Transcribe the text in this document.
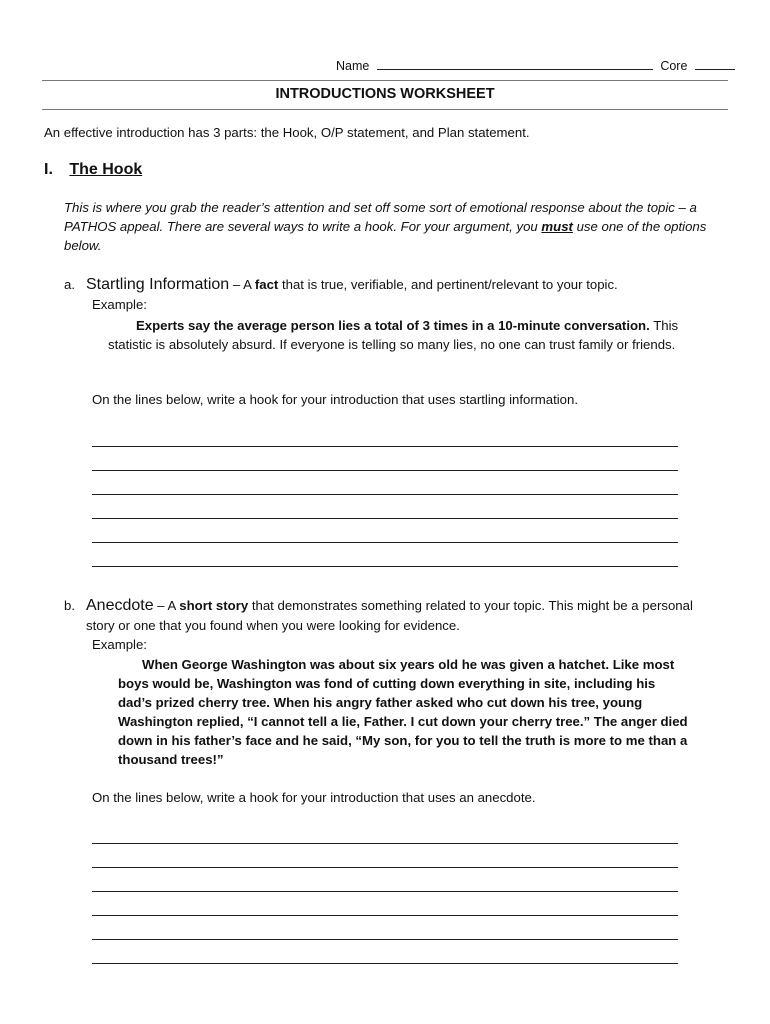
Name	Core
INTRODUCTIONS WORKSHEET
An effective introduction has 3 parts: the Hook, O/P statement, and Plan statement.
I. The Hook
This is where you grab the reader’s attention and set off some sort of emotional response about the topic – a PATHOS appeal. There are several ways to write a hook. For your argument, you must use one of the options below.
a. Startling Information – A fact that is true, verifiable, and pertinent/relevant to your topic.
Example:
Experts say the average person lies a total of 3 times in a 10-minute conversation. This statistic is absolutely absurd. If everyone is telling so many lies, no one can trust family or friends.
On the lines below, write a hook for your introduction that uses startling information.
b. Anecdote – A short story that demonstrates something related to your topic. This might be a personal
story or one that you found when you were looking for evidence.
Example:
When George Washington was about six years old he was given a hatchet. Like most boys would be, Washington was fond of cutting down everything in site, including his dad’s prized cherry tree. When his angry father asked who cut down his tree, young Washington replied, “I cannot tell a lie, Father. I cut down your cherry tree.” The anger died down in his father’s face and he said, “My son, for you to tell the truth is more to me than a thousand trees!”
On the lines below, write a hook for your introduction that uses an anecdote.
